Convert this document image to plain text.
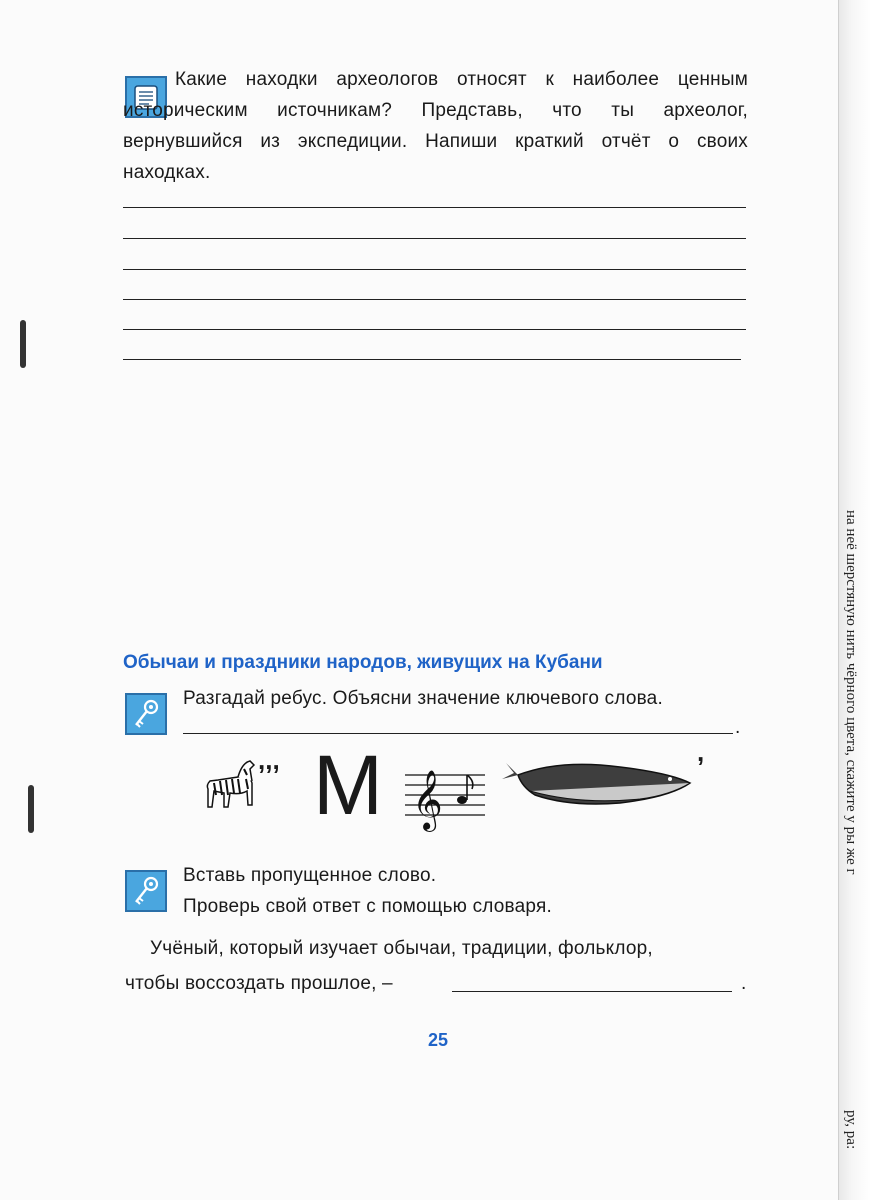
Какие находки археологов относят к наиболее ценным историческим источникам? Представь, что ты археолог, вернувшийся из экспедиции. Напиши краткий отчёт о своих находках.
Обычаи и праздники народов, живущих на Кубани
Разгадай ребус. Объясни значение ключевого слова.
.
𝄞
,,, М	,
Вставь пропущенное слово.
Проверь свой ответ с помощью словаря.
Учёный, который изучает обычаи, традиции, фольклор,
чтобы воссоздать прошлое, –	.
25
на неё шерстяную нить чёрного цвета, скажите у ры же г
ру, ра:
